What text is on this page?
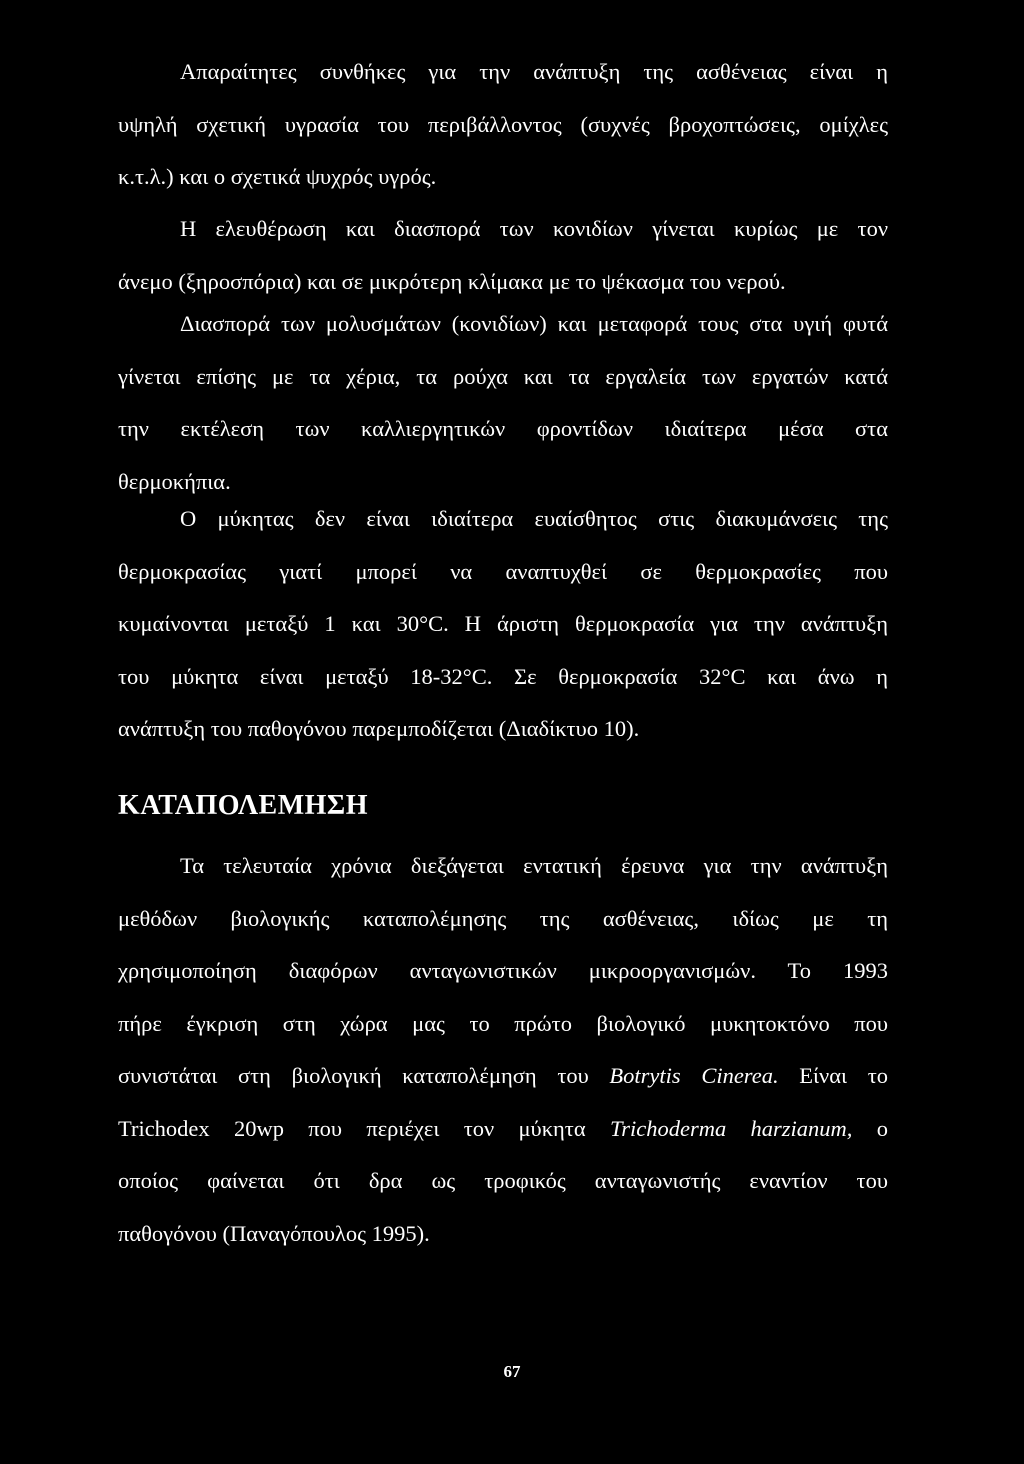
Απαραίτητες συνθήκες για την ανάπτυξη της ασθένειας είναι η
υψηλή σχετική υγρασία του περιβάλλοντος (συχνές βροχοπτώσεις, ομίχλες
κ.τ.λ.) και ο σχετικά ψυχρός υγρός.
Η ελευθέρωση και διασπορά των κονιδίων γίνεται κυρίως με τον
άνεμο (ξηροσπόρια) και σε μικρότερη κλίμακα με το ψέκασμα του νερού.
Διασπορά των μολυσμάτων (κονιδίων) και μεταφορά τους στα υγιή φυτά
γίνεται επίσης με τα χέρια, τα ρούχα και τα εργαλεία των εργατών κατά
την εκτέλεση των καλλιεργητικών φροντίδων ιδιαίτερα μέσα στα
θερμοκήπια.
Ο μύκητας δεν είναι ιδιαίτερα ευαίσθητος στις διακυμάνσεις της
θερμοκρασίας γιατί μπορεί να αναπτυχθεί σε θερμοκρασίες που
κυμαίνονται μεταξύ 1 και 30°C. Η άριστη θερμοκρασία για την ανάπτυξη
του μύκητα είναι μεταξύ 18-32°C. Σε θερμοκρασία 32°C και άνω η
ανάπτυξη του παθογόνου παρεμποδίζεται (Διαδίκτυο 10).
ΚΑΤΑΠΟΛΕΜΗΣΗ
Τα τελευταία χρόνια διεξάγεται εντατική έρευνα για την ανάπτυξη
μεθόδων βιολογικής καταπολέμησης της ασθένειας, ιδίως με τη
χρησιμοποίηση διαφόρων ανταγωνιστικών μικροοργανισμών. Το 1993
πήρε έγκριση στη χώρα μας το πρώτο βιολογικό μυκητοκτόνο που
συνιστάται στη βιολογική καταπολέμηση του Botrytis Cinerea. Είναι το
Trichodex 20wp που περιέχει τον μύκητα Trichoderma harzianum, ο
οποίος φαίνεται ότι δρα ως τροφικός ανταγωνιστής εναντίον του
παθογόνου (Παναγόπουλος 1995).
67
